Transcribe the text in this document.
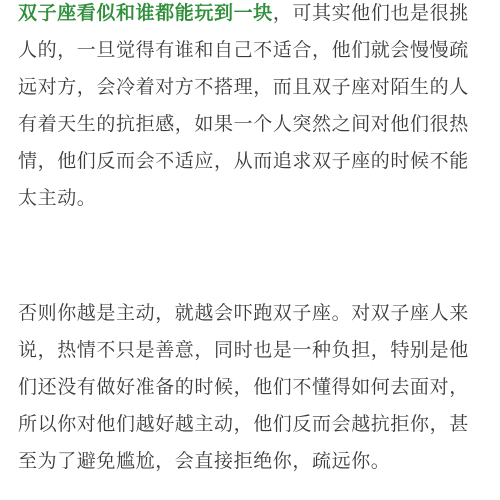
双子座看似和谁都能玩到一块，可其实他们也是很挑
人的，一旦觉得有谁和自己不适合，他们就会慢慢疏
远对方，会冷着对方不搭理，而且双子座对陌生的人
有着天生的抗拒感，如果一个人突然之间对他们很热
情，他们反而会不适应，从而追求双子座的时候不能
太主动。

否则你越是主动，就越会吓跑双子座。对双子座人来
说，热情不只是善意，同时也是一种负担，特别是他
们还没有做好准备的时候，他们不懂得如何去面对，
所以你对他们越好越主动，他们反而会越抗拒你，甚
至为了避免尴尬，会直接拒绝你，疏远你。
